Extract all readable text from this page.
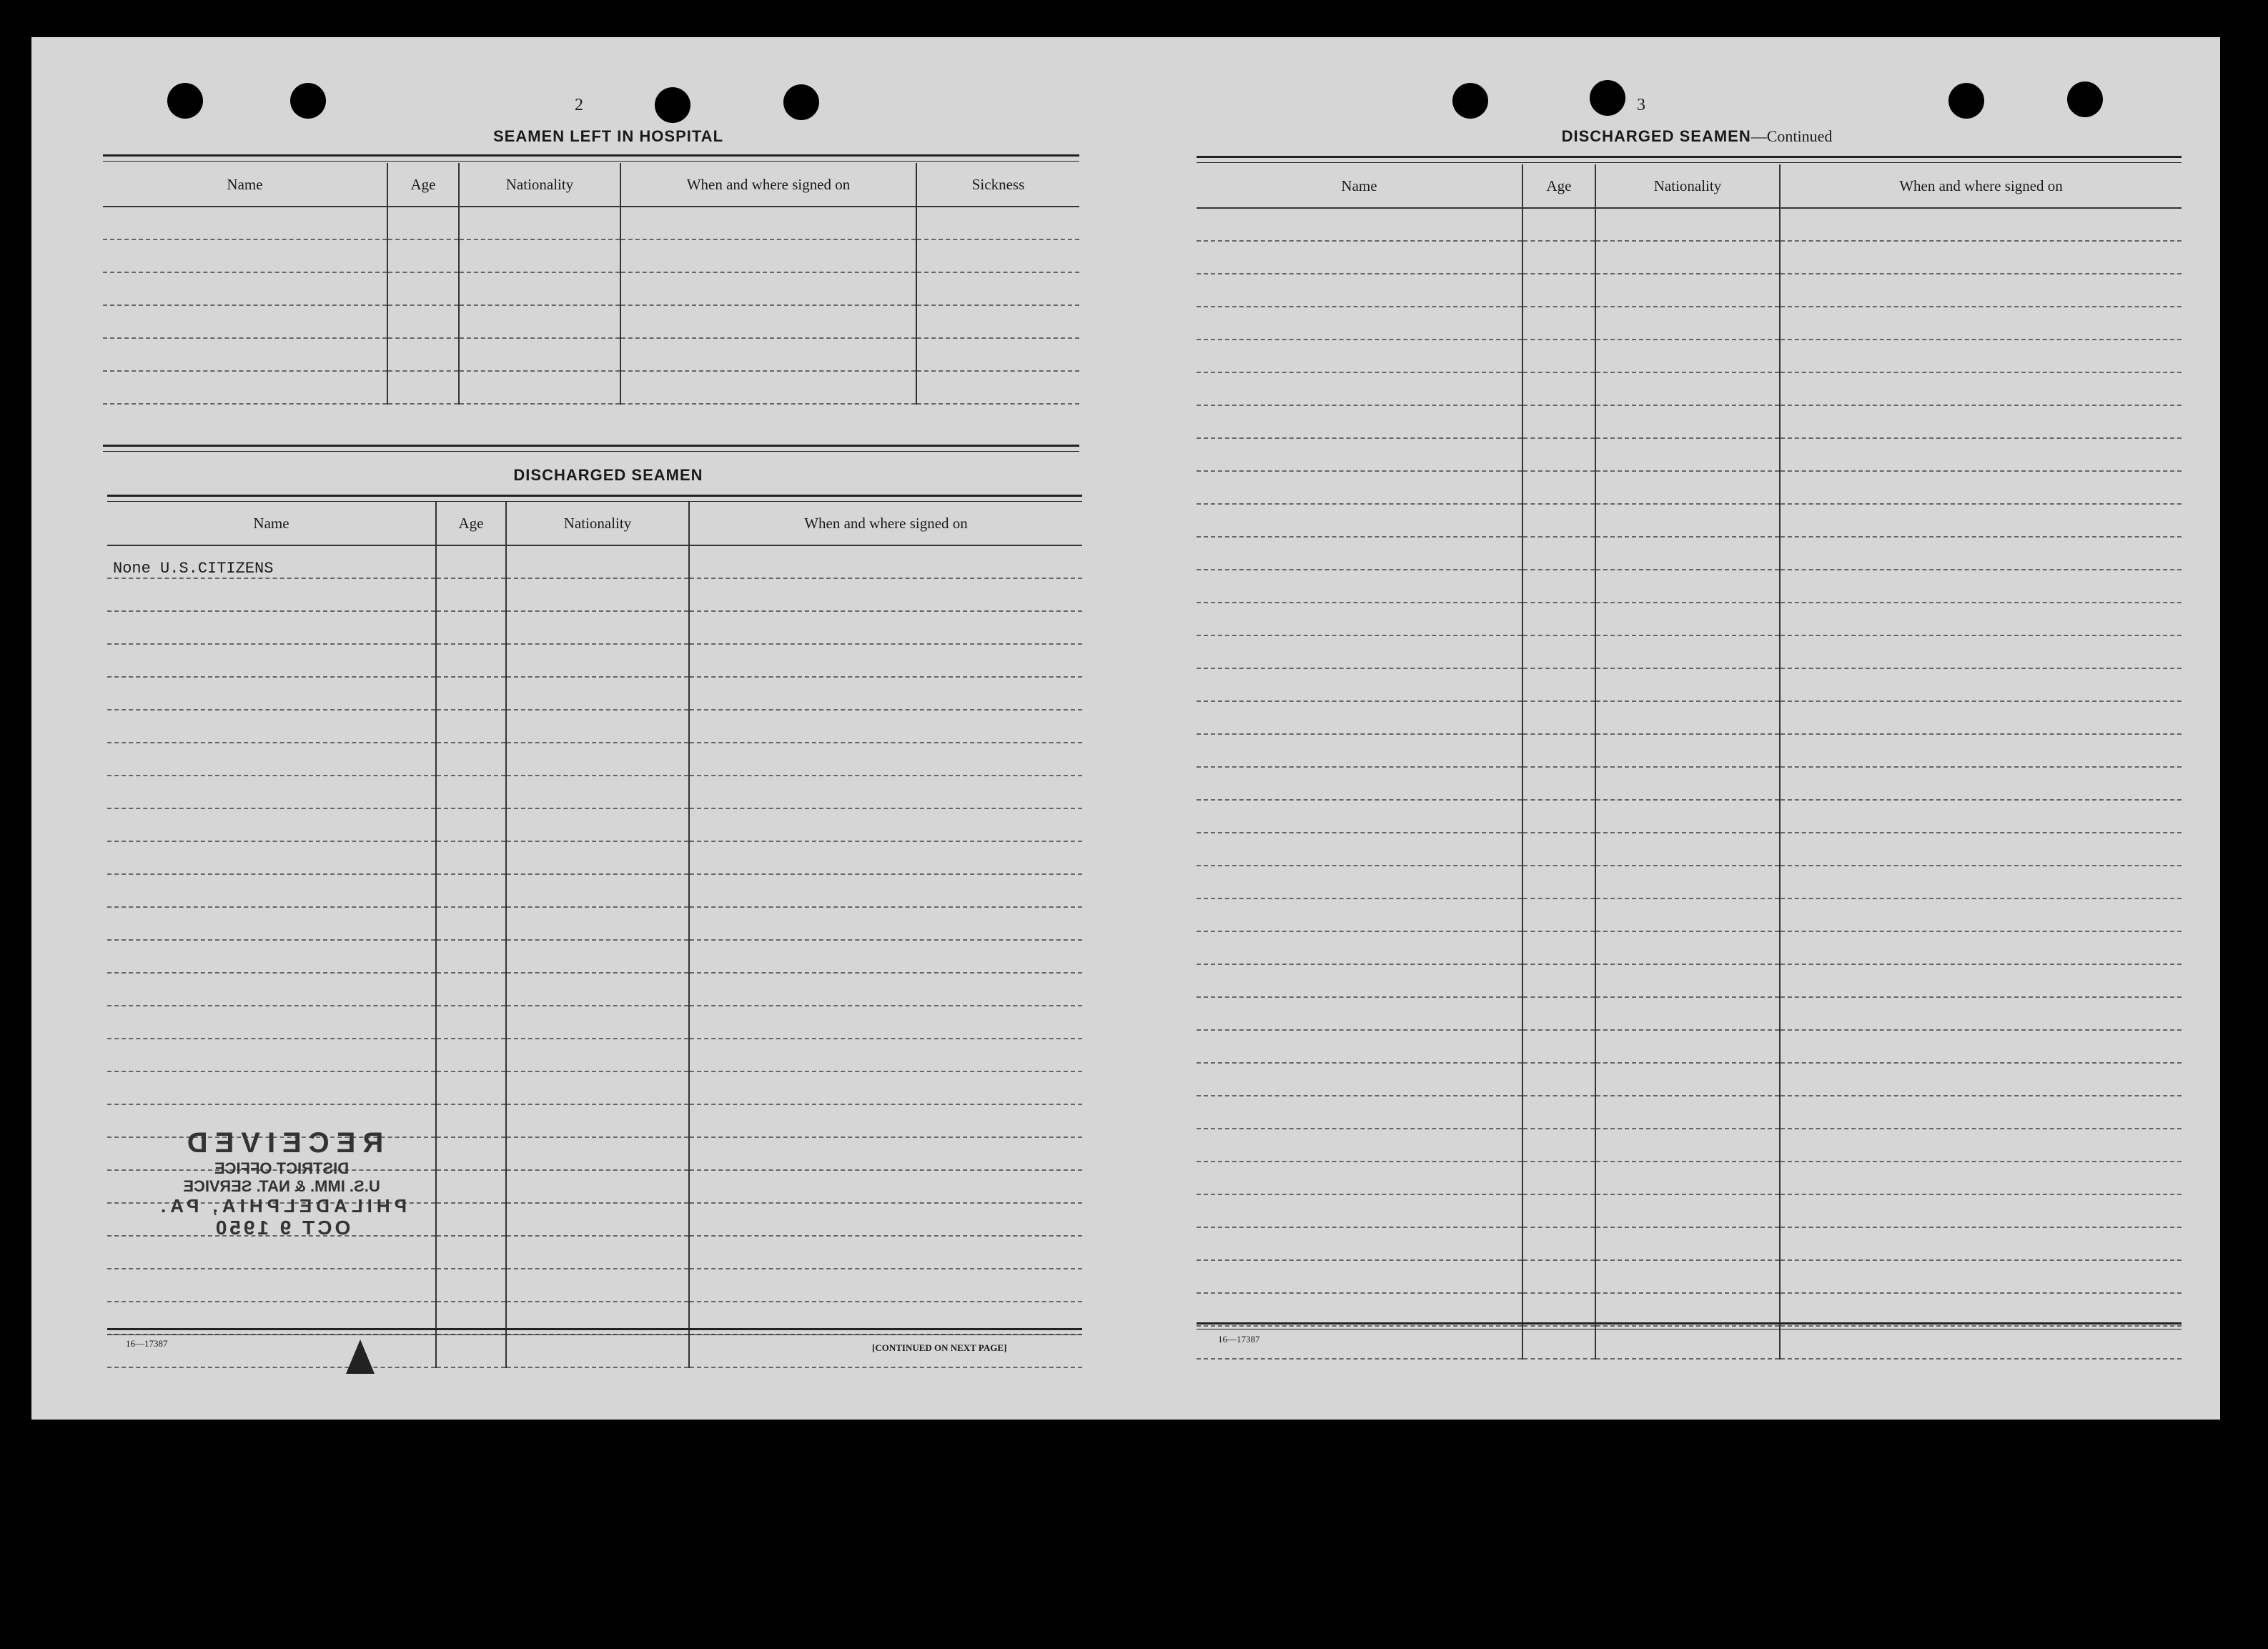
2
SEAMEN LEFT IN HOSPITAL
Name	Age	Nationality	When and where signed on	Sickness

DISCHARGED SEAMEN
Name	Age	Nationality	When and where signed on
None U.S.CITIZENS			

16—17387	[CONTINUED ON NEXT PAGE]
RECEIVED
DISTRICT OFFICE
U.S. IMM. & NAT. SERVICE
PHILADELPHIA, PA.
OCT 9 1950
3
DISCHARGED SEAMEN—Continued
Name	Age	Nationality	When and where signed on

16—17387
